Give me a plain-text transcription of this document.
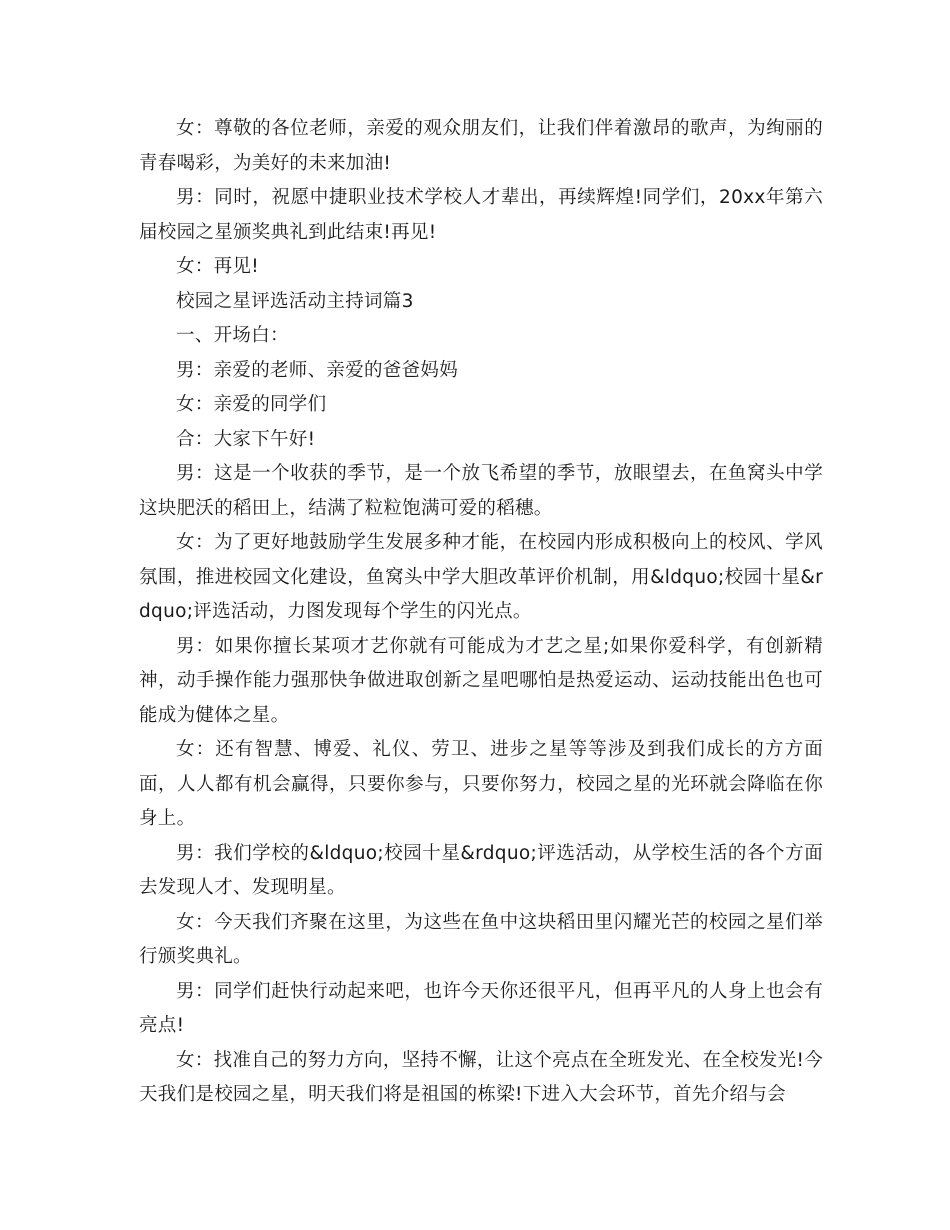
女：尊敬的各位老师，亲爱的观众朋友们，让我们伴着激昂的歌声，为绚丽的青春喝彩，为美好的未来加油!

男：同时，祝愿中捷职业技术学校人才辈出，再续辉煌!同学们，20xx年第六届校园之星颁奖典礼到此结束!再见!

女：再见!

校园之星评选活动主持词篇3

一、开场白：

男：亲爱的老师、亲爱的爸爸妈妈

女：亲爱的同学们

合：大家下午好!

男：这是一个收获的季节，是一个放飞希望的季节，放眼望去，在鱼窝头中学这块肥沃的稻田上，结满了粒粒饱满可爱的稻穗。

女：为了更好地鼓励学生发展多种才能，在校园内形成积极向上的校风、学风氛围，推进校园文化建设，鱼窝头中学大胆改革评价机制，用&ldquo;校园十星&rdquo;评选活动，力图发现每个学生的闪光点。

男：如果你擅长某项才艺你就有可能成为才艺之星;如果你爱科学，有创新精神，动手操作能力强那快争做进取创新之星吧哪怕是热爱运动、运动技能出色也可能成为健体之星。

女：还有智慧、博爱、礼仪、劳卫、进步之星等等涉及到我们成长的方方面面，人人都有机会赢得，只要你参与，只要你努力，校园之星的光环就会降临在你身上。

男：我们学校的&ldquo;校园十星&rdquo;评选活动，从学校生活的各个方面去发现人才、发现明星。

女：今天我们齐聚在这里，为这些在鱼中这块稻田里闪耀光芒的校园之星们举行颁奖典礼。

男：同学们赶快行动起来吧，也许今天你还很平凡，但再平凡的人身上也会有亮点!

女：找准自己的努力方向，坚持不懈，让这个亮点在全班发光、在全校发光!今天我们是校园之星，明天我们将是祖国的栋梁!下进入大会环节，首先介绍与会
